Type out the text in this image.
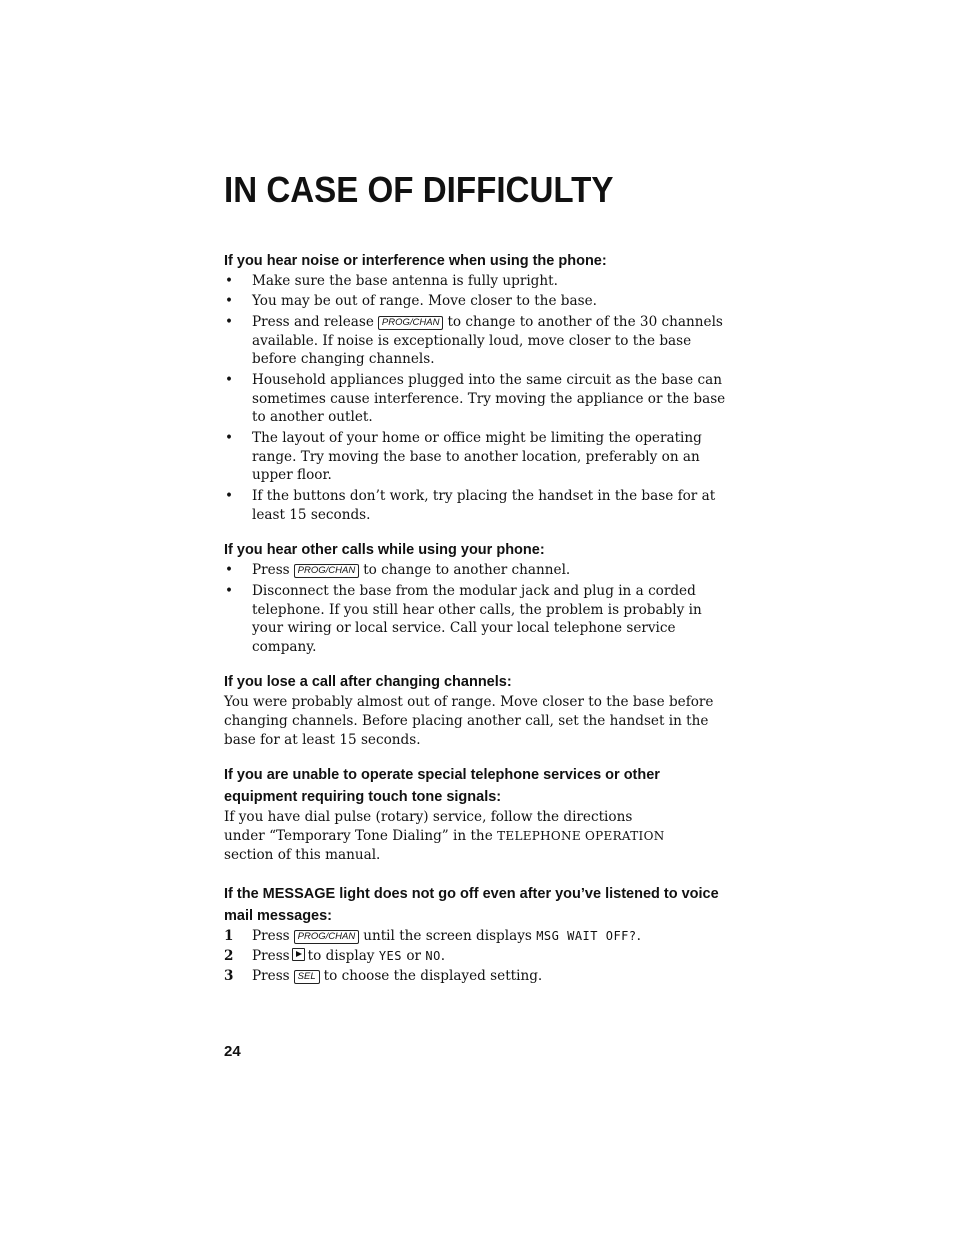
IN CASE OF DIFFICULTY

If you hear noise or interference when using the phone:

• Make sure the base antenna is fully upright.
• You may be out of range. Move closer to the base.
• Press and release PROG/CHAN to change to another of the 30 channels available. If noise is exceptionally loud, move closer to the base before changing channels.
• Household appliances plugged into the same circuit as the base can sometimes cause interference. Try moving the appliance or the base to another outlet.
• The layout of your home or office might be limiting the operating range. Try moving the base to another location, preferably on an upper floor.
• If the buttons don’t work, try placing the handset in the base for at least 15 seconds.

If you hear other calls while using your phone:

• Press PROG/CHAN to change to another channel.
• Disconnect the base from the modular jack and plug in a corded telephone. If you still hear other calls, the problem is probably in your wiring or local service. Call your local telephone service company.

If you lose a call after changing channels:

You were probably almost out of range. Move closer to the base before changing channels. Before placing another call, set the handset in the base for at least 15 seconds.

If you are unable to operate special telephone services or other equipment requiring touch tone signals:

If you have dial pulse (rotary) service, follow the directions under “Temporary Tone Dialing” in the TELEPHONE OPERATION section of this manual.

If the MESSAGE light does not go off even after you’ve listened to voice mail messages:

1 Press PROG/CHAN until the screen displays MSG WAIT OFF?.
2 Press to display YES or NO.
3 Press SEL to choose the displayed setting.
24
